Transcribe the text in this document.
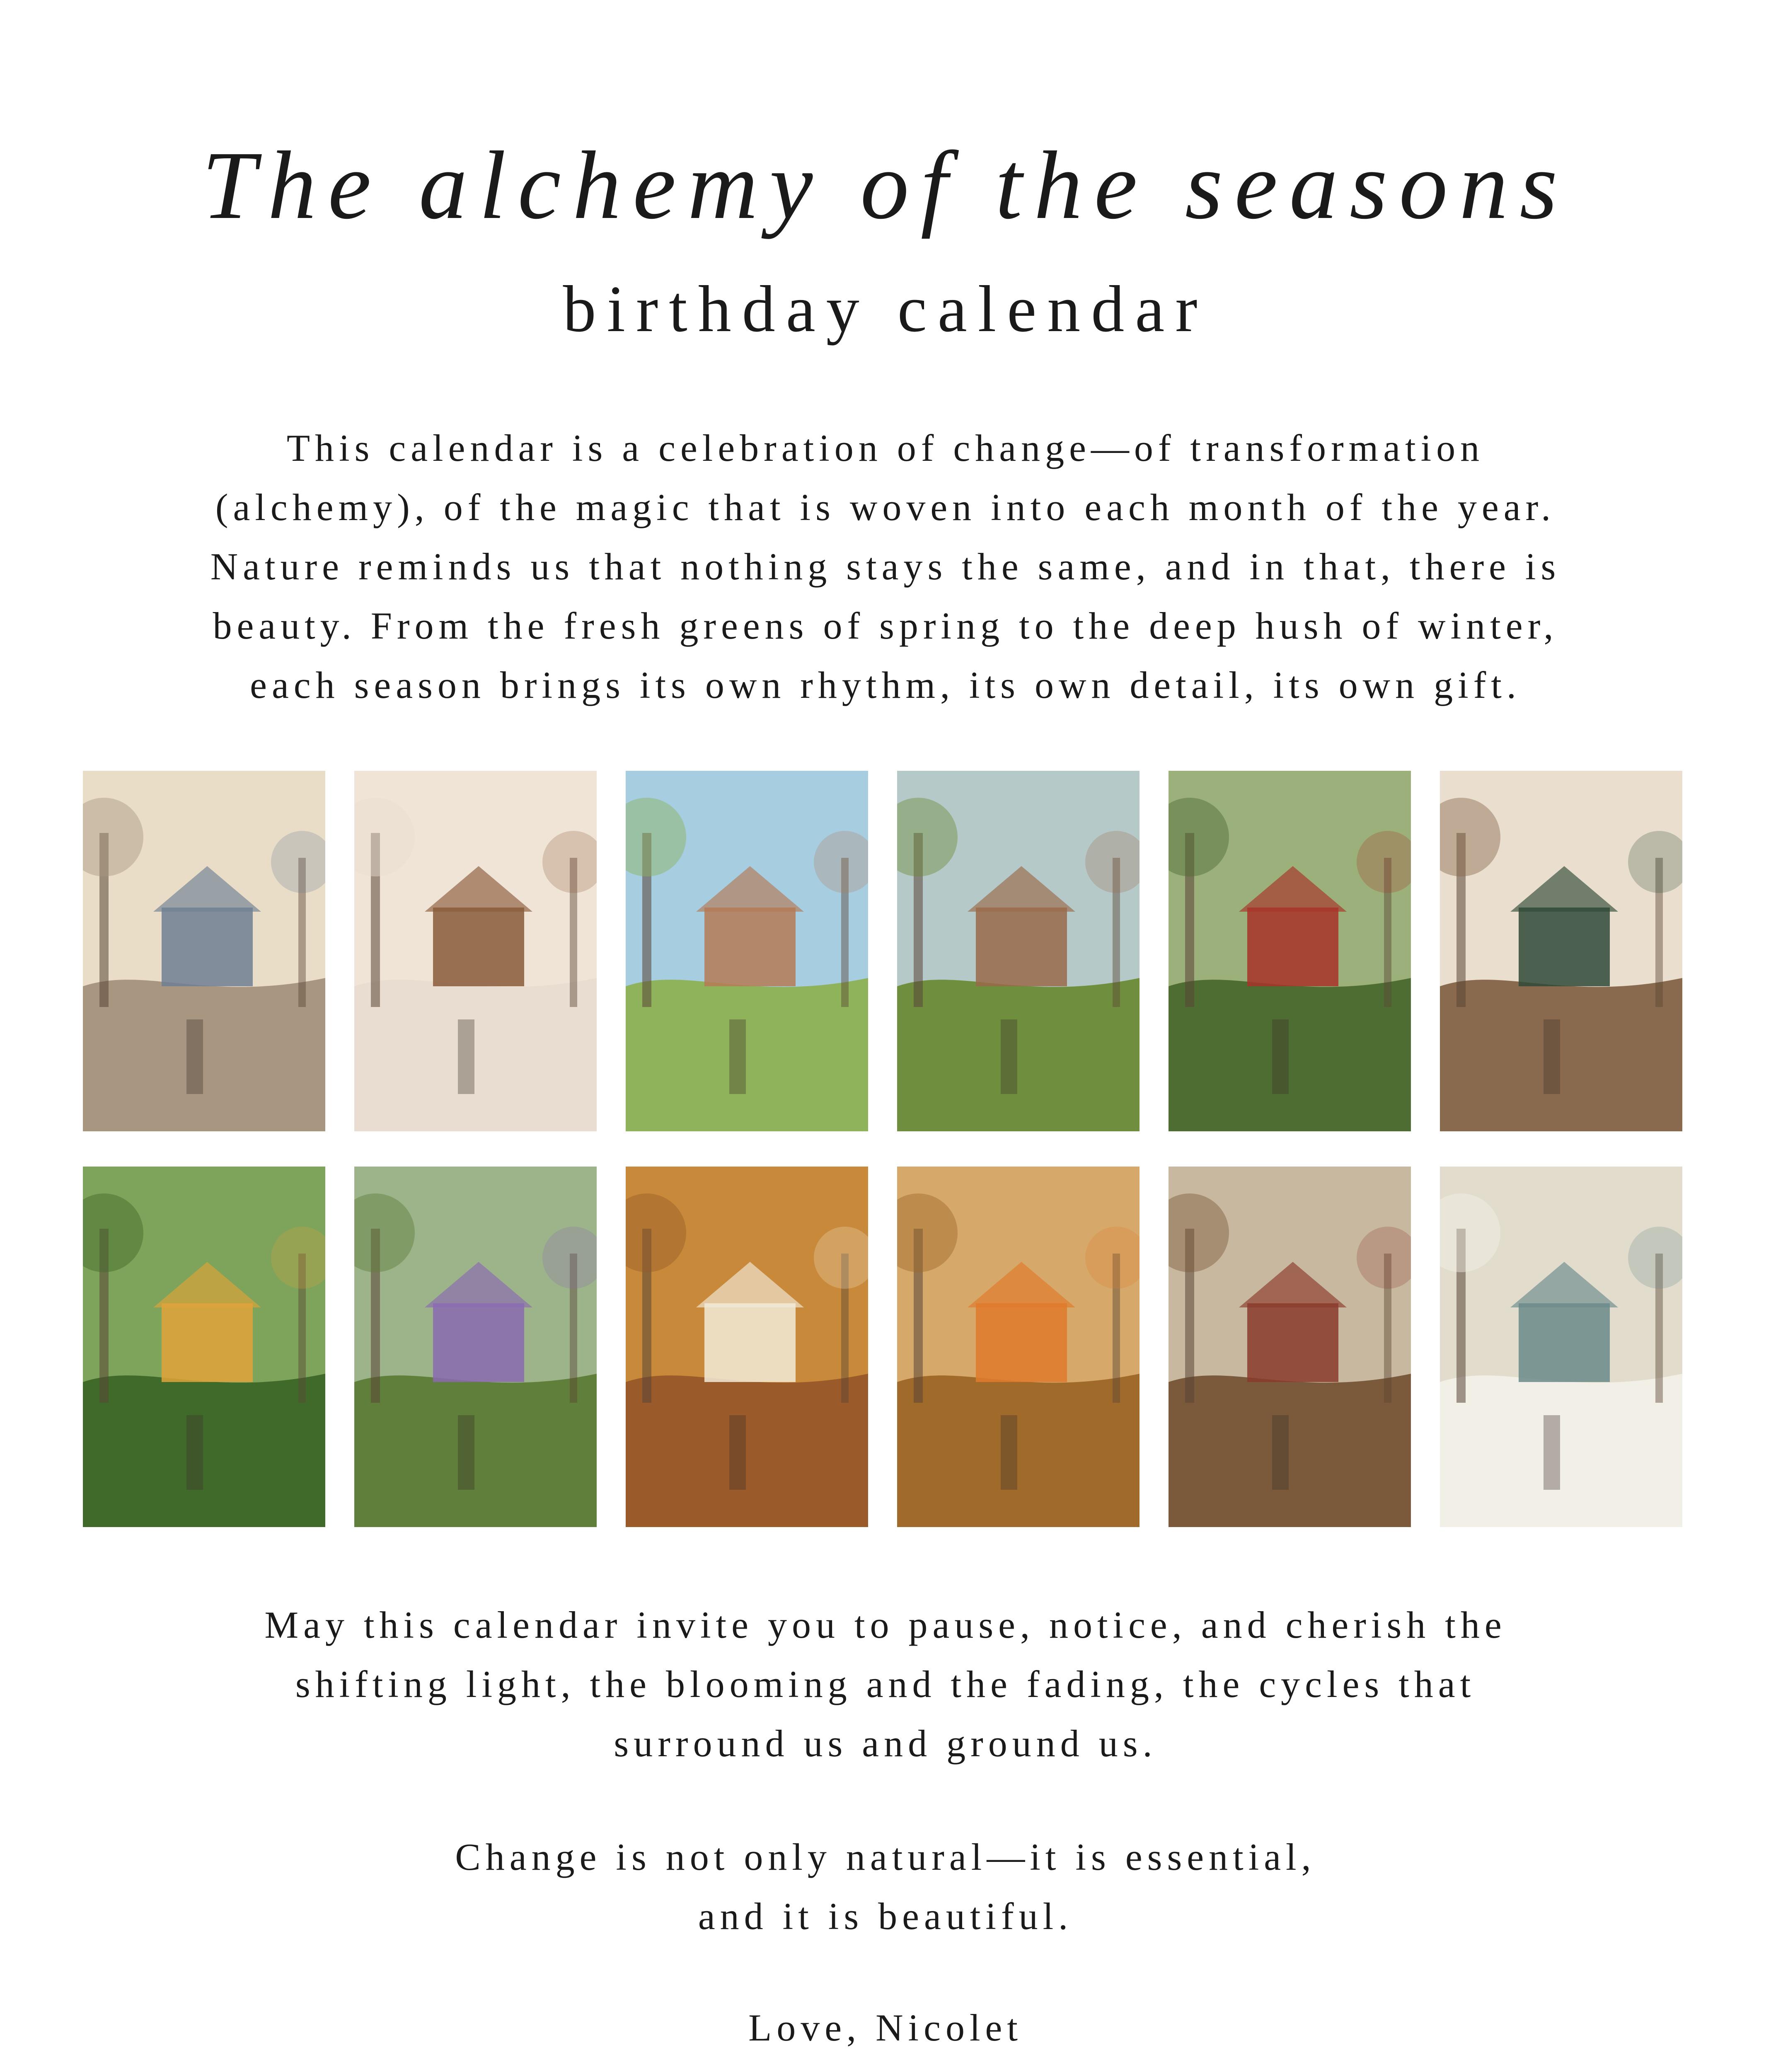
The alchemy of the seasons
birthday calendar

This calendar is a celebration of change—of transformation
(alchemy), of the magic that is woven into each month of the year.
Nature reminds us that nothing stays the same, and in that, there is
beauty. From the fresh greens of spring to the deep hush of winter,
each season brings its own rhythm, its own detail, its own gift.

May this calendar invite you to pause, notice, and cherish the
shifting light, the blooming and the fading, the cycles that
surround us and ground us.

Change is not only natural—it is essential,
and it is beautiful.

Love, Nicolet
